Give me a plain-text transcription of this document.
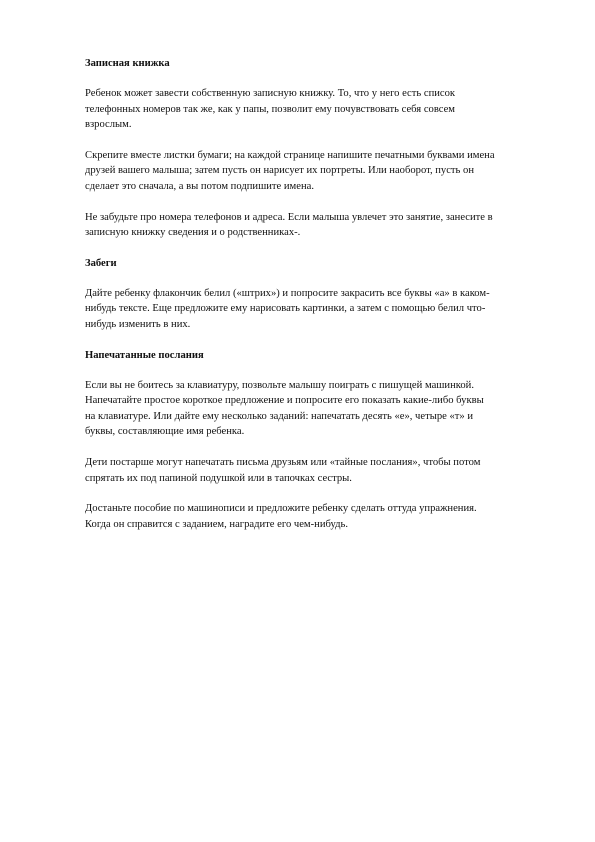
Записная книжка
Ребенок может завести собственную записную книжку. То, что у него есть список
телефонных номеров так же, как у папы, позволит ему почувствовать себя совсем
взрослым.
Скрепите вместе листки бумаги; на каждой странице напишите печатными буквами имена
друзей вашего малыша; затем пусть он нарисует их портреты. Или наоборот, пусть он
сделает это сначала, а вы потом подпишите имена.
Не забудьте про номера телефонов и адреса. Если малыша увлечет это занятие, занесите в
записную книжку сведения и о родственниках-.
Забеги
Дайте ребенку флакончик белил («штрих») и попросите закрасить все буквы «а» в каком-
нибудь тексте. Еще предложите ему нарисовать картинки, а затем с помощью белил что-
нибудь изменить в них.
Напечатанные послания
Если вы не боитесь за клавиатуру, позвольте малышу поиграть с пишущей машинкой.
Напечатайте простое короткое предложение и попросите его показать какие-либо буквы
на клавиатуре. Или дайте ему несколько заданий: напечатать десять «е», четыре «т» и
буквы, составляющие имя ребенка.
Дети постарше могут напечатать письма друзьям или «тайные послания», чтобы потом
спрятать их под папиной подушкой или в тапочках сестры.
Достаньте пособие по машинописи и предложите ребенку сделать оттуда упражнения.
Когда он справится с заданием, наградите его чем-нибудь.
